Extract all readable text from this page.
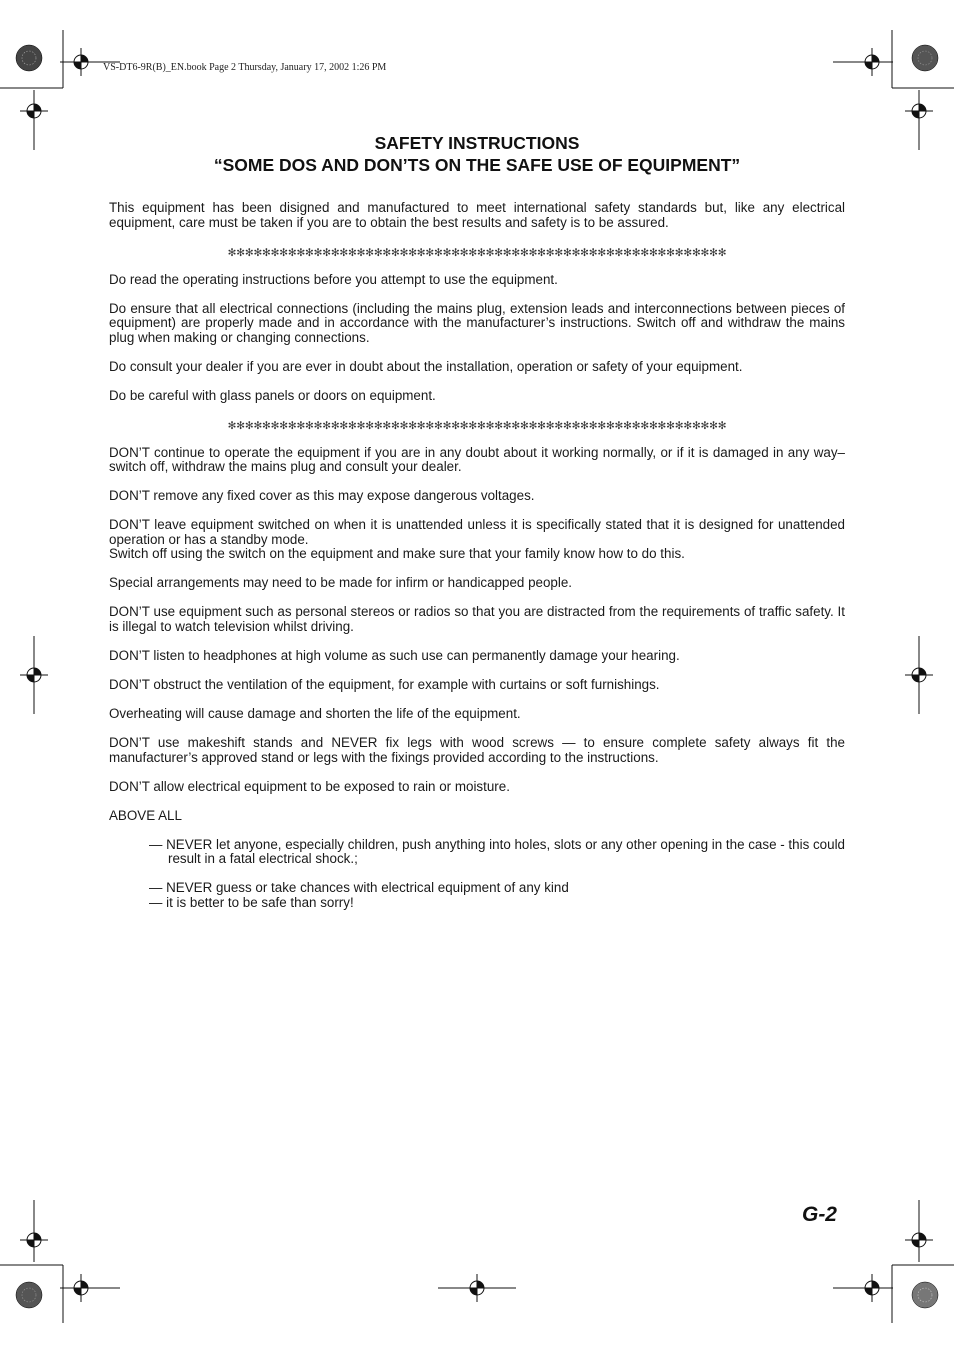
VS-DT6-9R(B)_EN.book Page 2 Thursday, January 17, 2002 1:26 PM
SAFETY INSTRUCTIONS
“SOME DOS AND DON’TS ON THE SAFE USE OF EQUIPMENT”

This equipment has been disigned and manufactured to meet international safety standards but, like any electrical equipment, care must be taken if you are to obtain the best results and safety is to be assured.

✻✻✻✻✻✻✻✻✻✻✻✻✻✻✻✻✻✻✻✻✻✻✻✻✻✻✻✻✻✻✻✻✻✻✻✻✻✻✻✻✻✻✻✻✻✻✻✻✻✻✻✻✻✻✻✻✻✻

Do read the operating instructions before you attempt to use the equipment.

Do ensure that all electrical connections (including the mains plug, extension leads and interconnections between pieces of equipment) are properly made and in accordance with the manufacturer’s instructions. Switch off and withdraw the mains plug when making or changing connections.

Do consult your dealer if you are ever in doubt about the installation, operation or safety of your equipment.

Do be careful with glass panels or doors on equipment.

✻✻✻✻✻✻✻✻✻✻✻✻✻✻✻✻✻✻✻✻✻✻✻✻✻✻✻✻✻✻✻✻✻✻✻✻✻✻✻✻✻✻✻✻✻✻✻✻✻✻✻✻✻✻✻✻✻✻

DON’T continue to operate the equipment if you are in any doubt about it working normally, or if it is damaged in any way–switch off, withdraw the mains plug and consult your dealer.

DON’T remove any fixed cover as this may expose dangerous voltages.

DON’T leave equipment switched on when it is unattended unless it is specifically stated that it is designed for unattended operation or has a standby mode.
Switch off using the switch on the equipment and make sure that your family know how to do this.

Special arrangements may need to be made for infirm or handicapped people.

DON’T use equipment such as personal stereos or radios so that you are distracted from the requirements of traffic safety. It is illegal to watch television whilst driving.

DON’T listen to headphones at high volume as such use can permanently damage your hearing.

DON’T obstruct the ventilation of the equipment, for example with curtains or soft furnishings.

Overheating will cause damage and shorten the life of the equipment.

DON’T use makeshift stands and NEVER fix legs with wood screws — to ensure complete safety always fit the manufacturer’s approved stand or legs with the fixings provided according to the instructions.

DON’T allow electrical equipment to be exposed to rain or moisture.

ABOVE ALL

— NEVER let anyone, especially children, push anything into holes, slots or any other opening in the case - this could result in a fatal electrical shock.;

— NEVER guess or take chances with electrical equipment of any kind

— it is better to be safe than sorry!

G-2
